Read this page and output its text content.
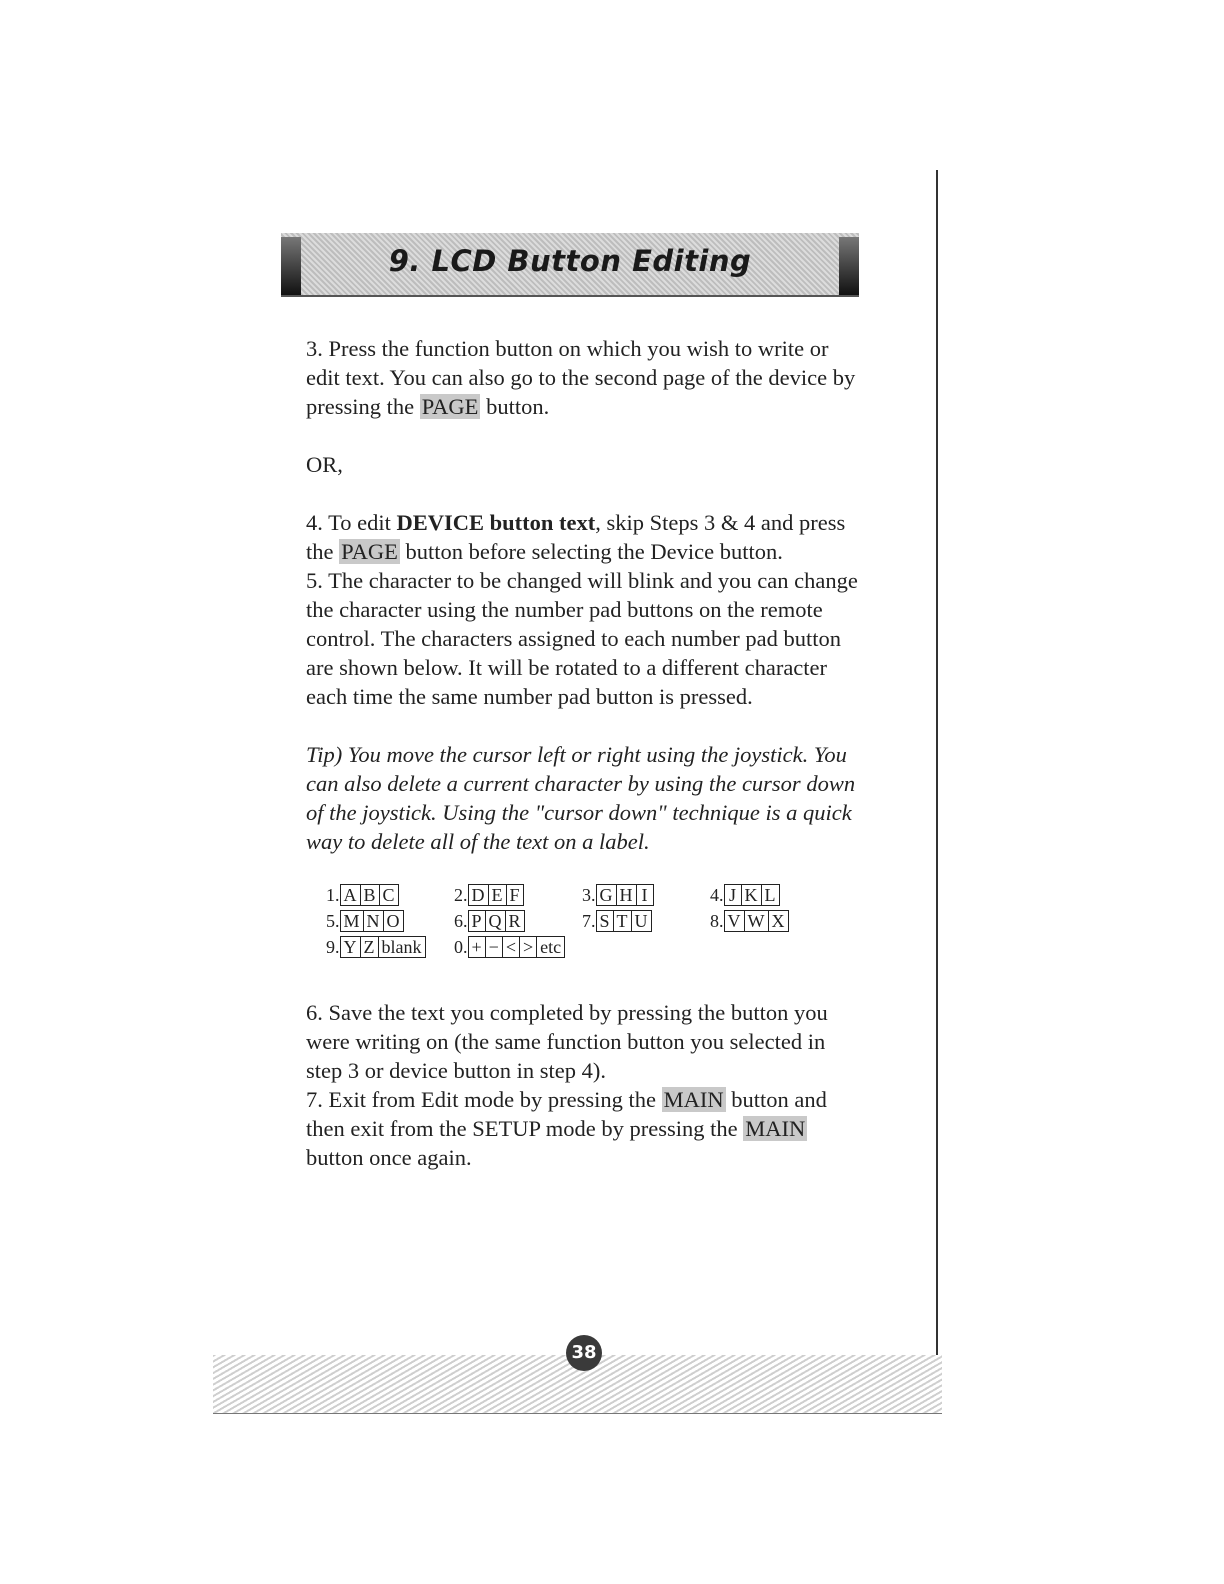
9. LCD Button Editing

3. Press the function button on which you wish to write or edit text. You can also go to the second page of the device by pressing the PAGE button.

OR,

4. To edit DEVICE button text, skip Steps 3 & 4 and press the PAGE button before selecting the Device button.

5. The character to be changed will blink and you can change the character using the number pad buttons on the remote control. The characters assigned to each number pad button are shown below. It will be rotated to a different character each time the same number pad button is pressed.

Tip) You move the cursor left or right using the joystick. You can also delete a current character by using the cursor down of the joystick. Using the "cursor down" technique is a quick way to delete all of the text on a label.

1. A B C	2. D E F	3. G H I	4. J K L
5. M N O	6. P Q R	7. S T U	8. V W X
9. Y Z blank	0. + − < > etc

6. Save the text you completed by pressing the button you were writing on (the same function button you selected in step 3 or device button in step 4).

7. Exit from Edit mode by pressing the MAIN button and then exit from the SETUP mode by pressing the MAIN button once again.

38
